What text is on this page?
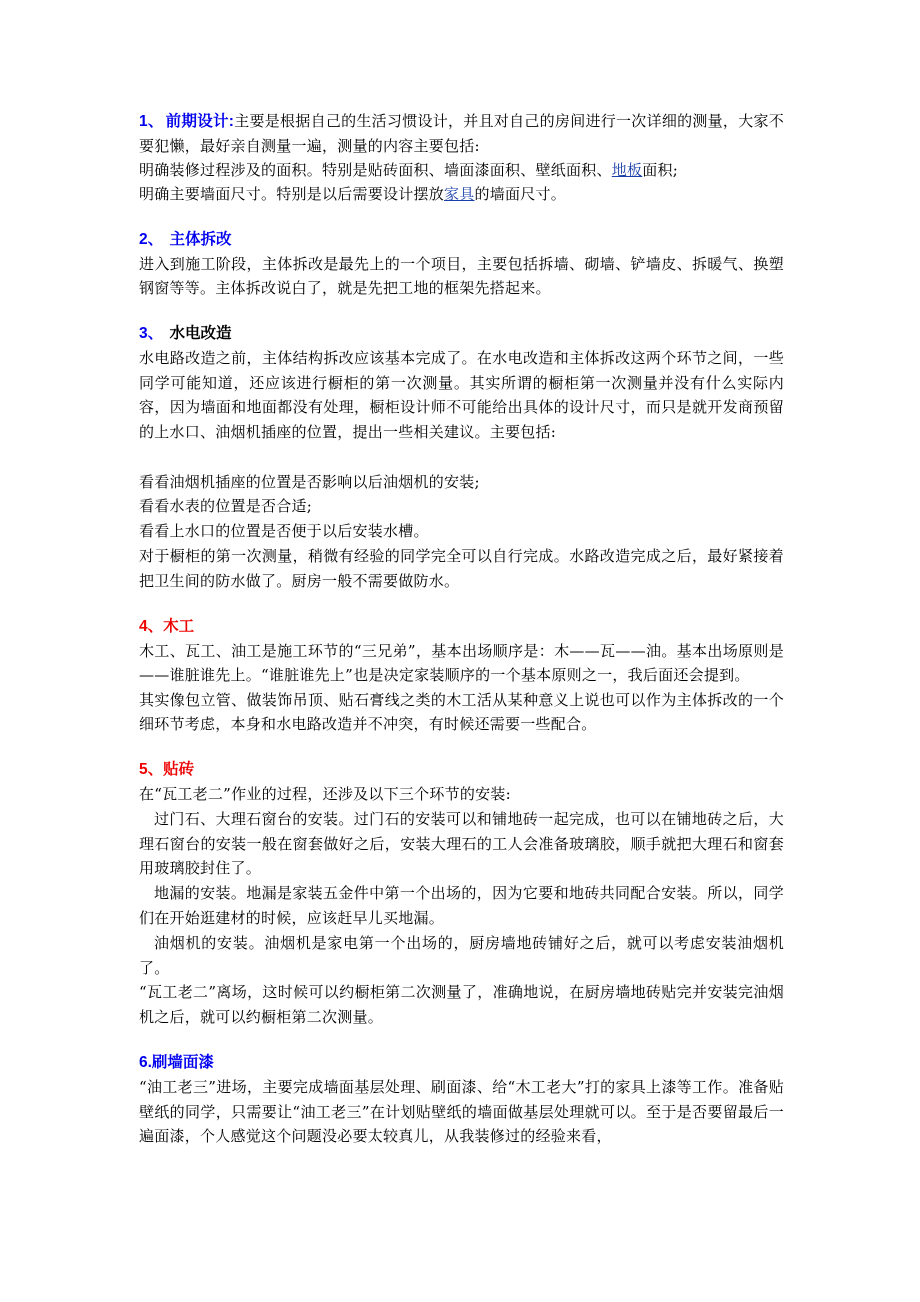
1、 前期设计:主要是根据自己的生活习惯设计，并且对自己的房间进行一次详细的测量，大家不要犯懒，最好亲自测量一遍，测量的内容主要包括:

明确装修过程涉及的面积。特别是贴砖面积、墙面漆面积、壁纸面积、地板面积;

明确主要墙面尺寸。特别是以后需要设计摆放家具的墙面尺寸。

2、 主体拆改

进入到施工阶段，主体拆改是最先上的一个项目，主要包括拆墙、砌墙、铲墙皮、拆暖气、换塑钢窗等等。主体拆改说白了，就是先把工地的框架先搭起来。

3、 水电改造

水电路改造之前，主体结构拆改应该基本完成了。在水电改造和主体拆改这两个环节之间，一些同学可能知道，还应该进行橱柜的第一次测量。其实所谓的橱柜第一次测量并没有什么实际内容，因为墙面和地面都没有处理，橱柜设计师不可能给出具体的设计尺寸，而只是就开发商预留的上水口、油烟机插座的位置，提出一些相关建议。主要包括:

看看油烟机插座的位置是否影响以后油烟机的安装;

看看水表的位置是否合适;

看看上水口的位置是否便于以后安装水槽。

对于橱柜的第一次测量，稍微有经验的同学完全可以自行完成。水路改造完成之后，最好紧接着把卫生间的防水做了。厨房一般不需要做防水。

4、木工

木工、瓦工、油工是施工环节的“三兄弟”，基本出场顺序是：木——瓦——油。基本出场原则是——谁脏谁先上。“谁脏谁先上”也是决定家装顺序的一个基本原则之一，我后面还会提到。

其实像包立管、做装饰吊顶、贴石膏线之类的木工活从某种意义上说也可以作为主体拆改的一个细环节考虑，本身和水电路改造并不冲突，有时候还需要一些配合。

5、贴砖

在“瓦工老二”作业的过程，还涉及以下三个环节的安装:

过门石、大理石窗台的安装。过门石的安装可以和铺地砖一起完成，也可以在铺地砖之后，大理石窗台的安装一般在窗套做好之后，安装大理石的工人会准备玻璃胶，顺手就把大理石和窗套用玻璃胶封住了。

地漏的安装。地漏是家装五金件中第一个出场的，因为它要和地砖共同配合安装。所以，同学们在开始逛建材的时候，应该赶早儿买地漏。

油烟机的安装。油烟机是家电第一个出场的，厨房墙地砖铺好之后，就可以考虑安装油烟机了。

“瓦工老二”离场，这时候可以约橱柜第二次测量了，准确地说，在厨房墙地砖贴完并安装完油烟机之后，就可以约橱柜第二次测量。

6.刷墙面漆

“油工老三”进场，主要完成墙面基层处理、刷面漆、给“木工老大”打的家具上漆等工作。准备贴壁纸的同学，只需要让“油工老三”在计划贴壁纸的墙面做基层处理就可以。至于是否要留最后一遍面漆，个人感觉这个问题没必要太较真儿，从我装修过的经验来看，
